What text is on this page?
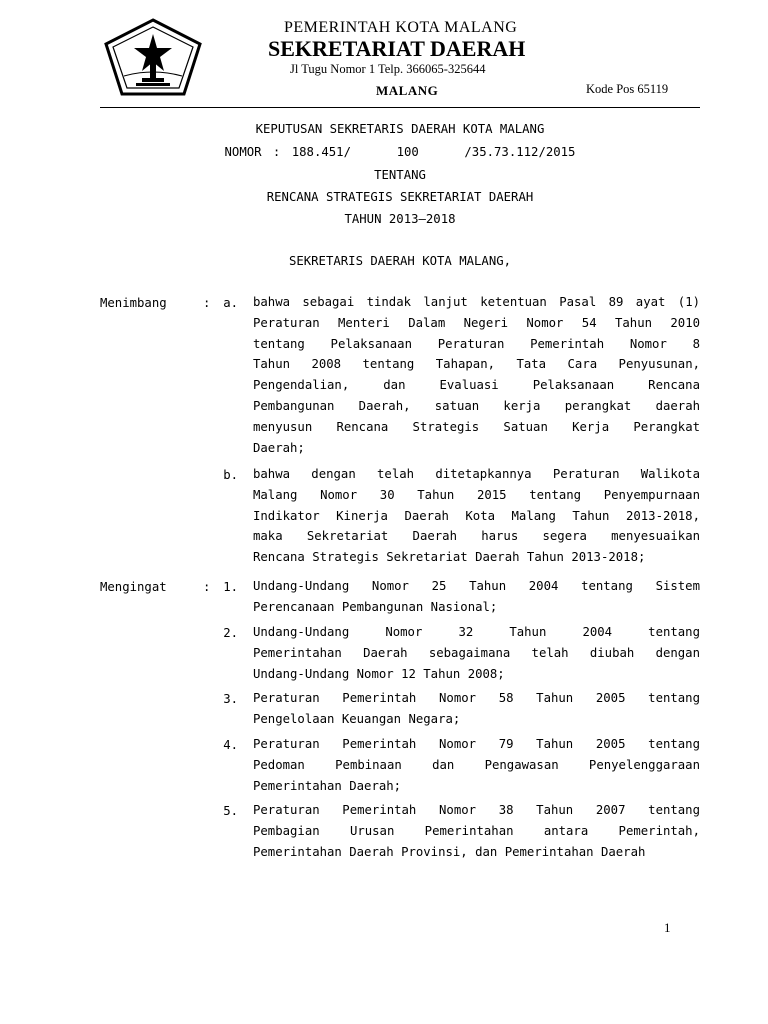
PEMERINTAH KOTA MALANG
SEKRETARIAT DAERAH
Jl Tugu Nomor 1 Telp. 366065-325644
MALANG	Kode Pos 65119
KEPUTUSAN SEKRETARIS DAERAH KOTA MALANG
NOMOR : 188.451/    100    /35.73.112/2015
TENTANG
RENCANA STRATEGIS SEKRETARIAT DAERAH
TAHUN 2013–2018
SEKRETARIS DAERAH KOTA MALANG,
Menimbang	: a. bahwa sebagai tindak lanjut ketentuan Pasal 89 ayat (1)
Peraturan Menteri Dalam Negeri Nomor 54 Tahun 2010
tentang Pelaksanaan Peraturan Pemerintah Nomor 8
Tahun 2008 tentang Tahapan, Tata Cara Penyusunan,
Pengendalian, dan Evaluasi Pelaksanaan Rencana
Pembangunan Daerah, satuan kerja perangkat daerah
menyusun Rencana Strategis Satuan Kerja Perangkat
Daerah;
b. bahwa dengan telah ditetapkannya Peraturan Walikota
Malang Nomor 30 Tahun 2015 tentang Penyempurnaan
Indikator Kinerja Daerah Kota Malang Tahun 2013-2018,
maka Sekretariat Daerah harus segera menyesuaikan
Rencana Strategis Sekretariat Daerah Tahun 2013-2018;
Mengingat	: 1. Undang-Undang Nomor 25 Tahun 2004 tentang Sistem
Perencanaan Pembangunan Nasional;
2. Undang-Undang Nomor 32 Tahun 2004 tentang
Pemerintahan Daerah sebagaimana telah diubah dengan
Undang-Undang Nomor 12 Tahun 2008;
3. Peraturan Pemerintah Nomor 58 Tahun 2005 tentang
Pengelolaan Keuangan Negara;
4. Peraturan Pemerintah Nomor 79 Tahun 2005 tentang
Pedoman Pembinaan dan Pengawasan Penyelenggaraan
Pemerintahan Daerah;
5. Peraturan Pemerintah Nomor 38 Tahun 2007 tentang
Pembagian Urusan Pemerintahan antara Pemerintah,
Pemerintahan Daerah Provinsi, dan Pemerintahan Daerah
1
